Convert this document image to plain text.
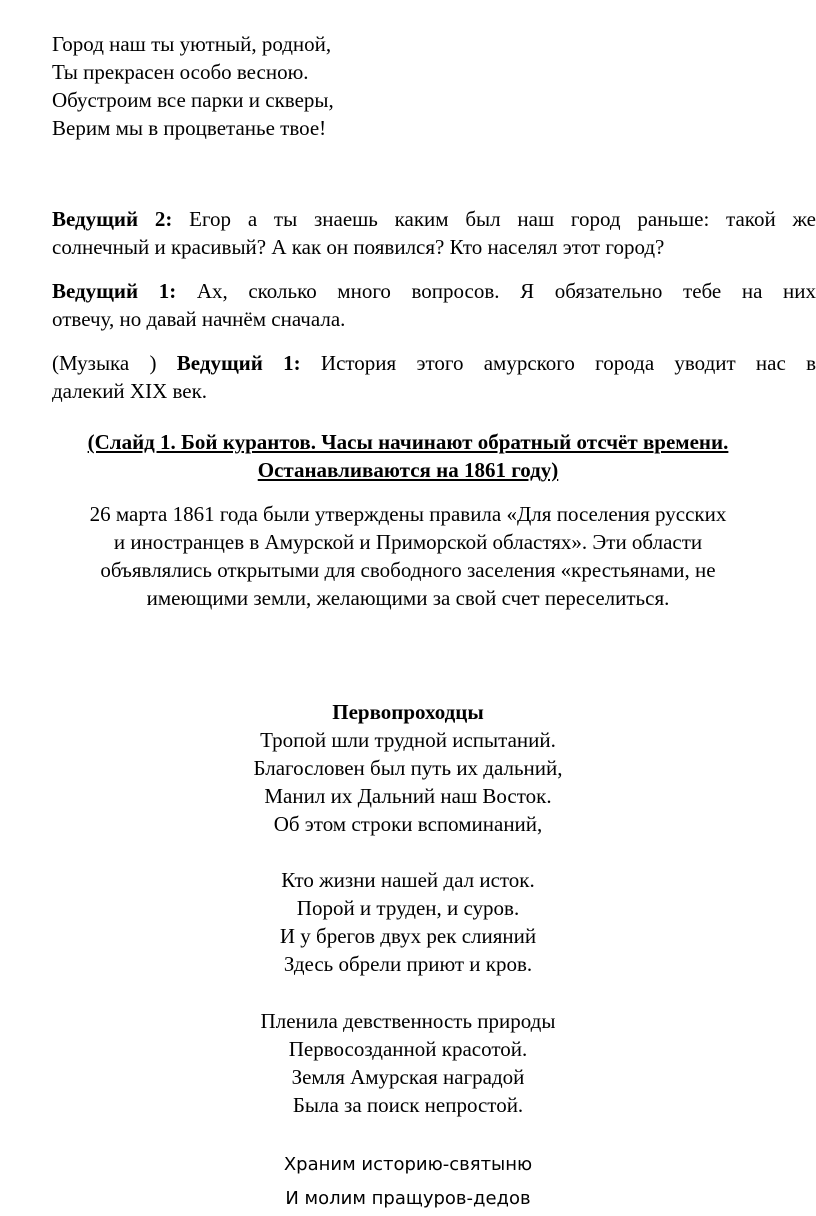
Город наш ты уютный, родной,
Ты прекрасен особо весною.
Обустроим все парки и скверы,
Верим мы в процветанье твое!
Ведущий 2: Егор а ты знаешь каким был наш город раньше: такой же
солнечный и красивый? А как он появился? Кто населял этот город?
Ведущий 1: Ах, сколько много вопросов. Я обязательно тебе на них
отвечу, но давай начнём сначала.
(Музыка ) Ведущий 1: История этого амурского города уводит нас в
далекий XIX век.
(Слайд 1. Бой курантов. Часы начинают обратный отсчёт времени.
Останавливаются на 1861 году)
26 марта 1861 года были утверждены правила «Для поселения русских
и иностранцев в Амурской и Приморской областях». Эти области
объявлялись открытыми для свободного заселения «крестьянами, не
имеющими земли, желающими за свой счет переселиться.
Первопроходцы
Тропой шли трудной испытаний.
Благословен был путь их дальний,
Манил их Дальний наш Восток.
Об этом строки вспоминаний,
Кто жизни нашей дал исток.
Порой и труден, и суров.
И у брегов двух рек слияний
Здесь обрели приют и кров.
Пленила девственность природы
Первосозданной красотой.
Земля Амурская наградой
Была за поиск непростой.
Храним историю-святыню
И молим пращуров-дедов
